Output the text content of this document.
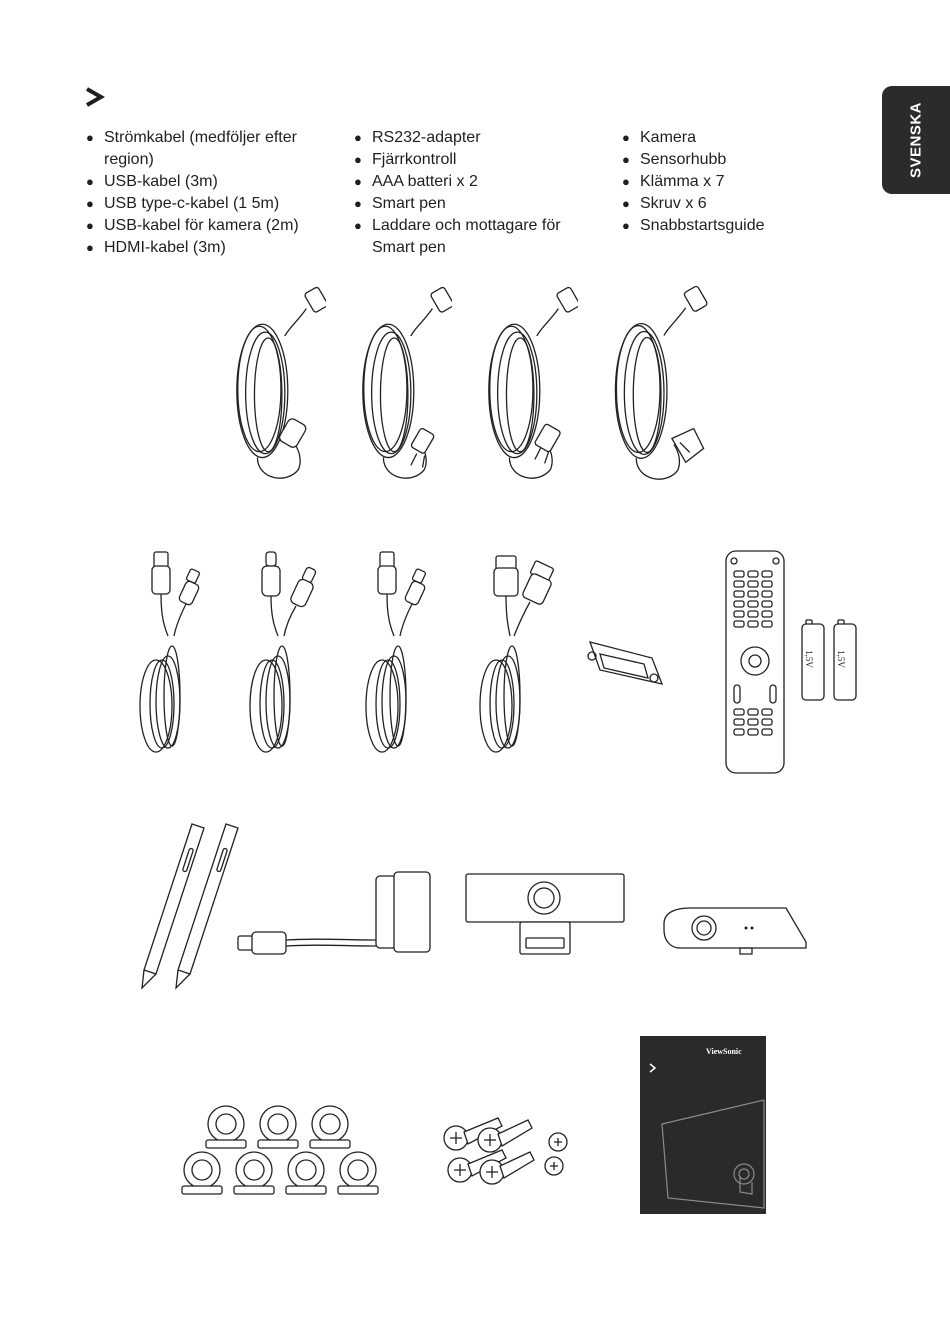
SVENSKA
● Strömkabel (medföljer efter region)
● USB-kabel (3m)
● USB type-c-kabel (1 5m)
● USB-kabel för kamera (2m)
● HDMI-kabel (3m)
● RS232-adapter
● Fjärrkontroll
● AAA batteri x 2
● Smart pen
● Laddare och mottagare för Smart pen
● Kamera
● Sensorhubb
● Klämma x 7
● Skruv x 6
● Snabbstartsguide
1,5V 1,5V
ViewSonic
